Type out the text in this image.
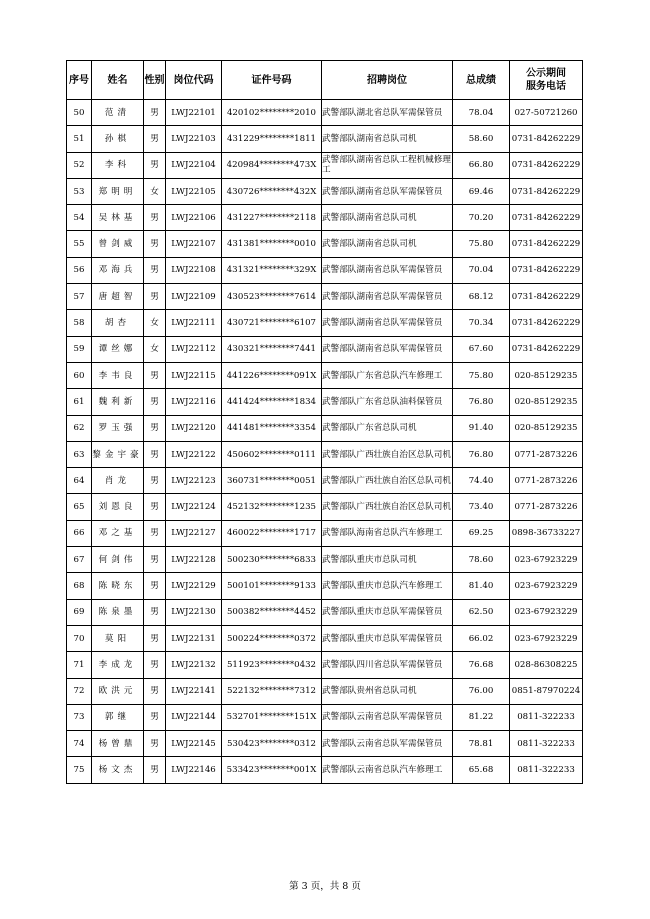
序号	姓名	性别	岗位代码	证件号码	招聘岗位	总成绩	公示期间
服务电话

50	范清	男	LWJ22101	420102********2010	武警部队湖北省总队军需保管员	78.04	027-50721260
51	孙棋	男	LWJ22103	431229********1811	武警部队湖南省总队司机	58.60	0731-84262229
52	李科	男	LWJ22104	420984********473X	武警部队湖南省总队工程机械修理工	66.80	0731-84262229
53	郑明明	女	LWJ22105	430726********432X	武警部队湖南省总队军需保管员	69.46	0731-84262229
54	吴林基	男	LWJ22106	431227********2118	武警部队湖南省总队司机	70.20	0731-84262229
55	曾剑威	男	LWJ22107	431381********0010	武警部队湖南省总队司机	75.80	0731-84262229
56	邓海兵	男	LWJ22108	431321********329X	武警部队湖南省总队军需保管员	70.04	0731-84262229
57	唐超智	男	LWJ22109	430523********7614	武警部队湖南省总队军需保管员	68.12	0731-84262229
58	胡杏	女	LWJ22111	430721********6107	武警部队湖南省总队军需保管员	70.34	0731-84262229
59	谭丝娜	女	LWJ22112	430321********7441	武警部队湖南省总队军需保管员	67.60	0731-84262229
60	李韦良	男	LWJ22115	441226********091X	武警部队广东省总队汽车修理工	75.80	020-85129235
61	魏利新	男	LWJ22116	441424********1834	武警部队广东省总队油料保管员	76.80	020-85129235
62	罗玉强	男	LWJ22120	441481********3354	武警部队广东省总队司机	91.40	020-85129235
63	黎金宇豪	男	LWJ22122	450602********0111	武警部队广西壮族自治区总队司机	76.80	0771-2873226
64	肖龙	男	LWJ22123	360731********0051	武警部队广西壮族自治区总队司机	74.40	0771-2873226
65	刘恩良	男	LWJ22124	452132********1235	武警部队广西壮族自治区总队司机	73.40	0771-2873226
66	邓之基	男	LWJ22127	460022********1717	武警部队海南省总队汽车修理工	69.25	0898-36733227
67	何剑伟	男	LWJ22128	500230********6833	武警部队重庆市总队司机	78.60	023-67923229
68	陈晓东	男	LWJ22129	500101********9133	武警部队重庆市总队汽车修理工	81.40	023-67923229
69	陈泉墨	男	LWJ22130	500382********4452	武警部队重庆市总队军需保管员	62.50	023-67923229
70	莫阳	男	LWJ22131	500224********0372	武警部队重庆市总队军需保管员	66.02	023-67923229
71	李成龙	男	LWJ22132	511923********0432	武警部队四川省总队军需保管员	76.68	028-86308225
72	欧洪元	男	LWJ22141	522132********7312	武警部队贵州省总队司机	76.00	0851-87970224
73	郭继	男	LWJ22144	532701********151X	武警部队云南省总队军需保管员	81.22	0811-322233
74	杨曾鼎	男	LWJ22145	530423********0312	武警部队云南省总队军需保管员	78.81	0811-322233
75	杨文杰	男	LWJ22146	533423********001X	武警部队云南省总队汽车修理工	65.68	0811-322233
第 3 页，共 8 页
